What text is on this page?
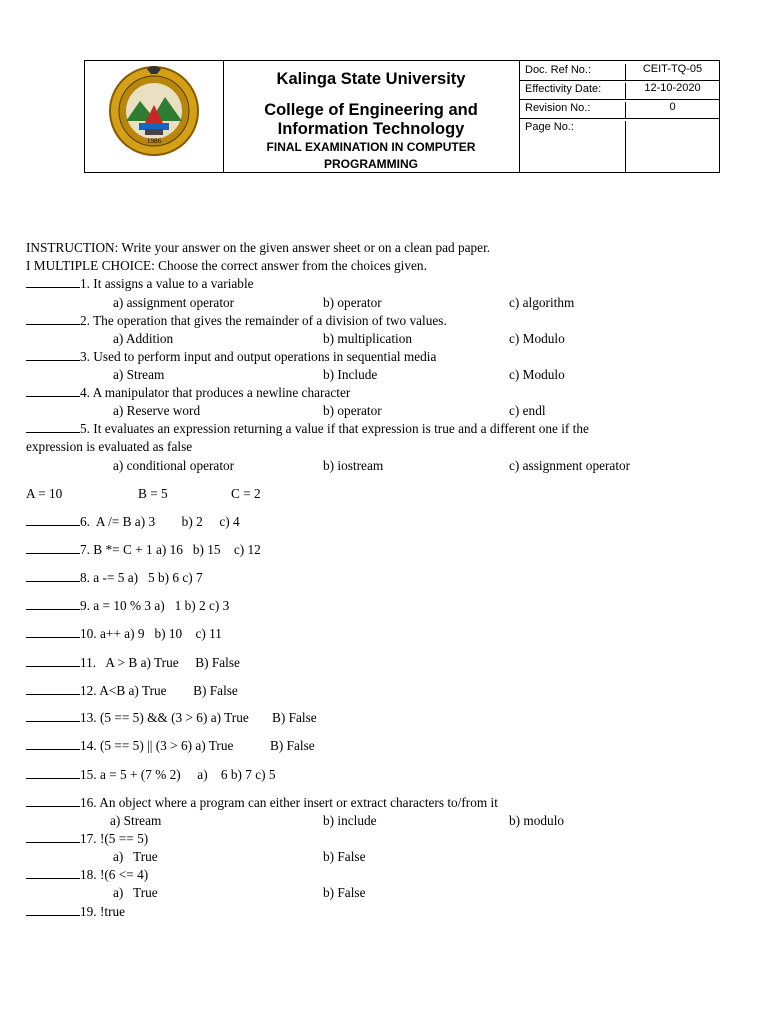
1986
Kalinga State University
College of Engineering and
Information Technology
FINAL EXAMINATION IN COMPUTER
PROGRAMMING
Doc. Ref No.:	CEIT-TQ-05
Effectivity Date:	12-10-2020
Revision No.:	0
Page No.:
INSTRUCTION: Write your answer on the given answer sheet or on a clean pad paper.
I MULTIPLE CHOICE: Choose the correct answer from the choices given.
1. It assigns a value to a variable
a) assignment operator	b) operator	c) algorithm
2. The operation that gives the remainder of a division of two values.
a) Addition	b) multiplication	c) Modulo
3. Used to perform input and output operations in sequential media
a) Stream	b) Include	c) Modulo
4. A manipulator that produces a newline character
a) Reserve word	b) operator	c) endl
5. It evaluates an expression returning a value if that expression is true and a different one if the
expression is evaluated as false
a) conditional operator	b) iostream	c) assignment operator
A = 10	B = 5	C = 2
6.  A /= B a) 3        b) 2     c) 4
7. B *= C + 1 a) 16   b) 15    c) 12
8. a -= 5 a)   5 b) 6 c) 7
9. a = 10 % 3 a)   1 b) 2 c) 3
10. a++ a) 9   b) 10    c) 11
11.   A > B a) True     B) False
12. A<B a) True        B) False
13. (5 == 5) && (3 > 6) a) True       B) False
14. (5 == 5) || (3 > 6) a) True           B) False
15. a = 5 + (7 % 2)     a)    6 b) 7 c) 5
16. An object where a program can either insert or extract characters to/from it
a) Stream	b) include	b) modulo
17. !(5 == 5)
a)   True	b) False
18. !(6 <= 4)
a)   True	b) False
19. !true
